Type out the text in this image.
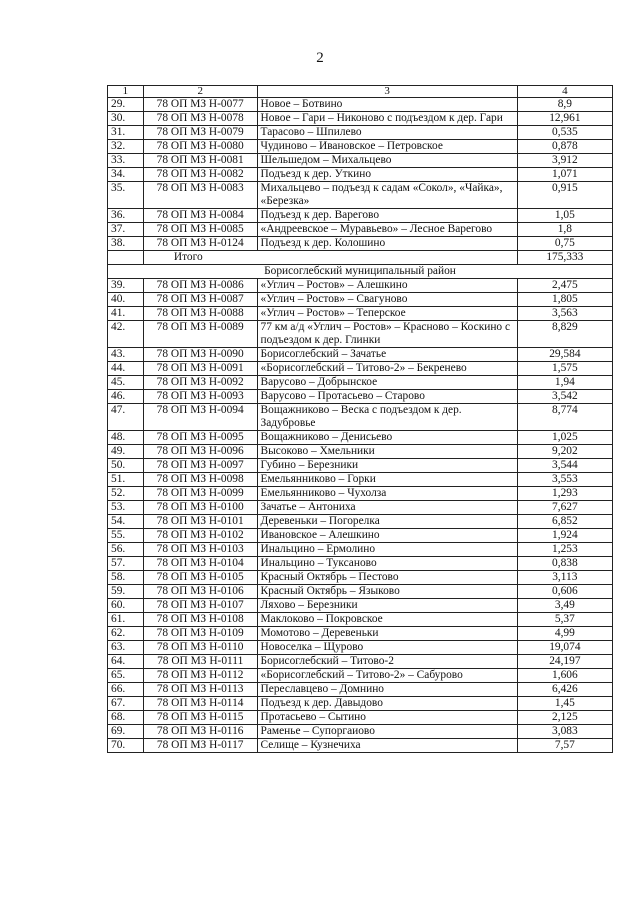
2
1	2	3	4
29.	78 ОП МЗ Н-0077	Новое – Ботвино	8,9
30.	78 ОП МЗ Н-0078	Новое – Гари – Никоново с подъездом к дер. Гари	12,961
31.	78 ОП МЗ Н-0079	Тарасово – Шпилево	0,535
32.	78 ОП МЗ Н-0080	Чудиново – Ивановское – Петровское	0,878
33.	78 ОП МЗ Н-0081	Шельшедом – Михальцево	3,912
34.	78 ОП МЗ Н-0082	Подъезд к дер. Уткино	1,071
35.	78 ОП МЗ Н-0083	Михальцево – подъезд к садам «Сокол», «Чайка», «Березка»	0,915
36.	78 ОП МЗ Н-0084	Подъезд к дер. Варегово	1,05
37.	78 ОП МЗ Н-0085	«Андреевское – Муравьево» – Лесное Варегово	1,8
38.	78 ОП МЗ Н-0124	Подъезд к дер. Колошино	0,75
	Итого		175,333
Борисоглебский муниципальный район			
39.	78 ОП МЗ Н-0086	«Углич – Ростов» – Алешкино	2,475
40.	78 ОП МЗ Н-0087	«Углич – Ростов» – Свагуново	1,805
41.	78 ОП МЗ Н-0088	«Углич – Ростов» – Теперское	3,563
42.	78 ОП МЗ Н-0089	77 км а/д «Углич – Ростов» – Красново – Коскино с подъездом к дер. Глинки	8,829
43.	78 ОП МЗ Н-0090	Борисоглебский – Зачатье	29,584
44.	78 ОП МЗ Н-0091	«Борисоглебский – Титово-2» – Бекренево	1,575
45.	78 ОП МЗ Н-0092	Варусово – Добрынское	1,94
46.	78 ОП МЗ Н-0093	Варусово – Протасьево – Старово	3,542
47.	78 ОП МЗ Н-0094	Вощажниково – Веска с подъездом к дер. Задубровье	8,774
48.	78 ОП МЗ Н-0095	Вощажниково – Денисьево	1,025
49.	78 ОП МЗ Н-0096	Высоково – Хмельники	9,202
50.	78 ОП МЗ Н-0097	Губино – Березники	3,544
51.	78 ОП МЗ Н-0098	Емельянниково – Горки	3,553
52.	78 ОП МЗ Н-0099	Емельянниково – Чухолза	1,293
53.	78 ОП МЗ Н-0100	Зачатье – Антониха	7,627
54.	78 ОП МЗ Н-0101	Деревеньки – Погорелка	6,852
55.	78 ОП МЗ Н-0102	Ивановское – Алешкино	1,924
56.	78 ОП МЗ Н-0103	Инальцино – Ермолино	1,253
57.	78 ОП МЗ Н-0104	Инальцино – Туксаново	0,838
58.	78 ОП МЗ Н-0105	Красный Октябрь – Пестово	3,113
59.	78 ОП МЗ Н-0106	Красный Октябрь – Языково	0,606
60.	78 ОП МЗ Н-0107	Ляхово – Березники	3,49
61.	78 ОП МЗ Н-0108	Маклоково – Покровское	5,37
62.	78 ОП МЗ Н-0109	Момотово – Деревеньки	4,99
63.	78 ОП МЗ Н-0110	Новоселка – Щурово	19,074
64.	78 ОП МЗ Н-0111	Борисоглебский – Титово-2	24,197
65.	78 ОП МЗ Н-0112	«Борисоглебский – Титово-2» – Сабурово	1,606
66.	78 ОП МЗ Н-0113	Переславцево – Домнино	6,426
67.	78 ОП МЗ Н-0114	Подъезд к дер. Давыдово	1,45
68.	78 ОП МЗ Н-0115	Протасьево – Сытино	2,125
69.	78 ОП МЗ Н-0116	Раменье – Супоргаиово	3,083
70.	78 ОП МЗ Н-0117	Селище – Кузнечиха	7,57
